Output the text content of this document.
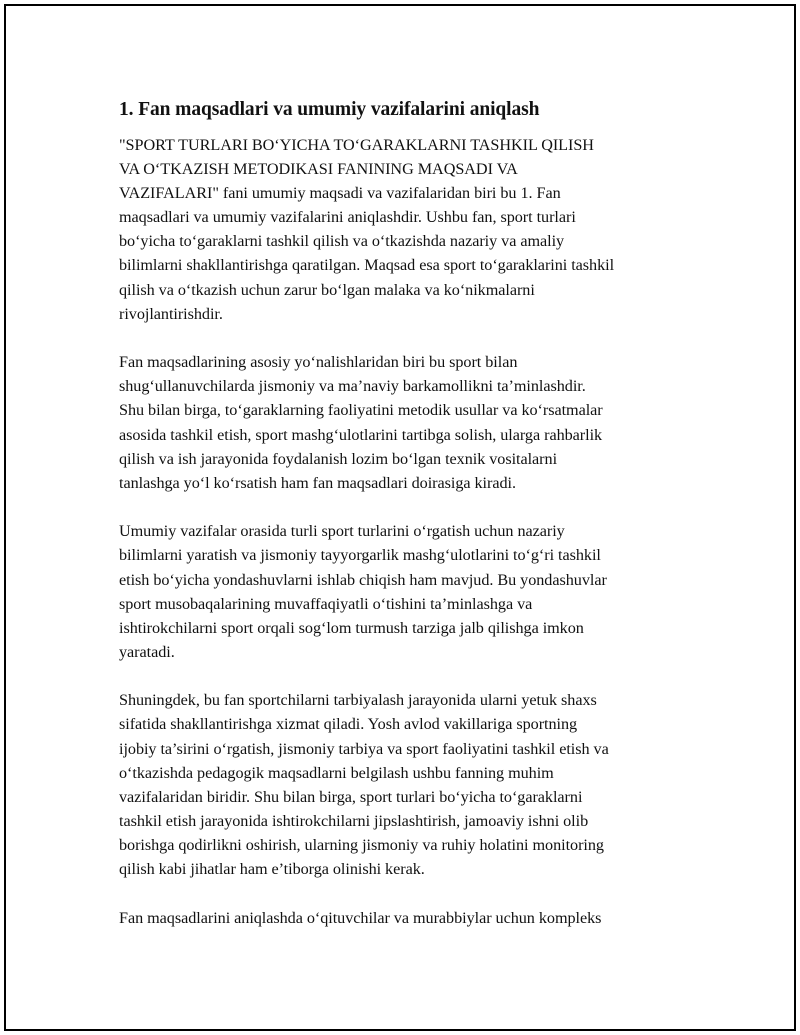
1. Fan maqsadlari va umumiy vazifalarini aniqlash

"SPORT TURLARI BO‘YICHA TO‘GARAKLARNI TASHKIL QILISH
VA O‘TKAZISH METODIKASI FANINING MAQSADI VA
VAZIFALARI" fani umumiy maqsadi va vazifalaridan biri bu 1. Fan
maqsadlari va umumiy vazifalarini aniqlashdir. Ushbu fan, sport turlari
bo‘yicha to‘garaklarni tashkil qilish va o‘tkazishda nazariy va amaliy
bilimlarni shakllantirishga qaratilgan. Maqsad esa sport to‘garaklarini tashkil
qilish va o‘tkazish uchun zarur bo‘lgan malaka va ko‘nikmalarni
rivojlantirishdir.

Fan maqsadlarining asosiy yo‘nalishlaridan biri bu sport bilan
shug‘ullanuvchilarda jismoniy va ma’naviy barkamollikni ta’minlashdir.
Shu bilan birga, to‘garaklarning faoliyatini metodik usullar va ko‘rsatmalar
asosida tashkil etish, sport mashg‘ulotlarini tartibga solish, ularga rahbarlik
qilish va ish jarayonida foydalanish lozim bo‘lgan texnik vositalarni
tanlashga yo‘l ko‘rsatish ham fan maqsadlari doirasiga kiradi.

Umumiy vazifalar orasida turli sport turlarini o‘rgatish uchun nazariy
bilimlarni yaratish va jismoniy tayyorgarlik mashg‘ulotlarini to‘g‘ri tashkil
etish bo‘yicha yondashuvlarni ishlab chiqish ham mavjud. Bu yondashuvlar
sport musobaqalarining muvaffaqiyatli o‘tishini ta’minlashga va
ishtirokchilarni sport orqali sog‘lom turmush tarziga jalb qilishga imkon
yaratadi.

Shuningdek, bu fan sportchilarni tarbiyalash jarayonida ularni yetuk shaxs
sifatida shakllantirishga xizmat qiladi. Yosh avlod vakillariga sportning
ijobiy ta’sirini o‘rgatish, jismoniy tarbiya va sport faoliyatini tashkil etish va
o‘tkazishda pedagogik maqsadlarni belgilash ushbu fanning muhim
vazifalaridan biridir. Shu bilan birga, sport turlari bo‘yicha to‘garaklarni
tashkil etish jarayonida ishtirokchilarni jipslashtirish, jamoaviy ishni olib
borishga qodirlikni oshirish, ularning jismoniy va ruhiy holatini monitoring
qilish kabi jihatlar ham e’tiborga olinishi kerak.

Fan maqsadlarini aniqlashda o‘qituvchilar va murabbiylar uchun kompleks
